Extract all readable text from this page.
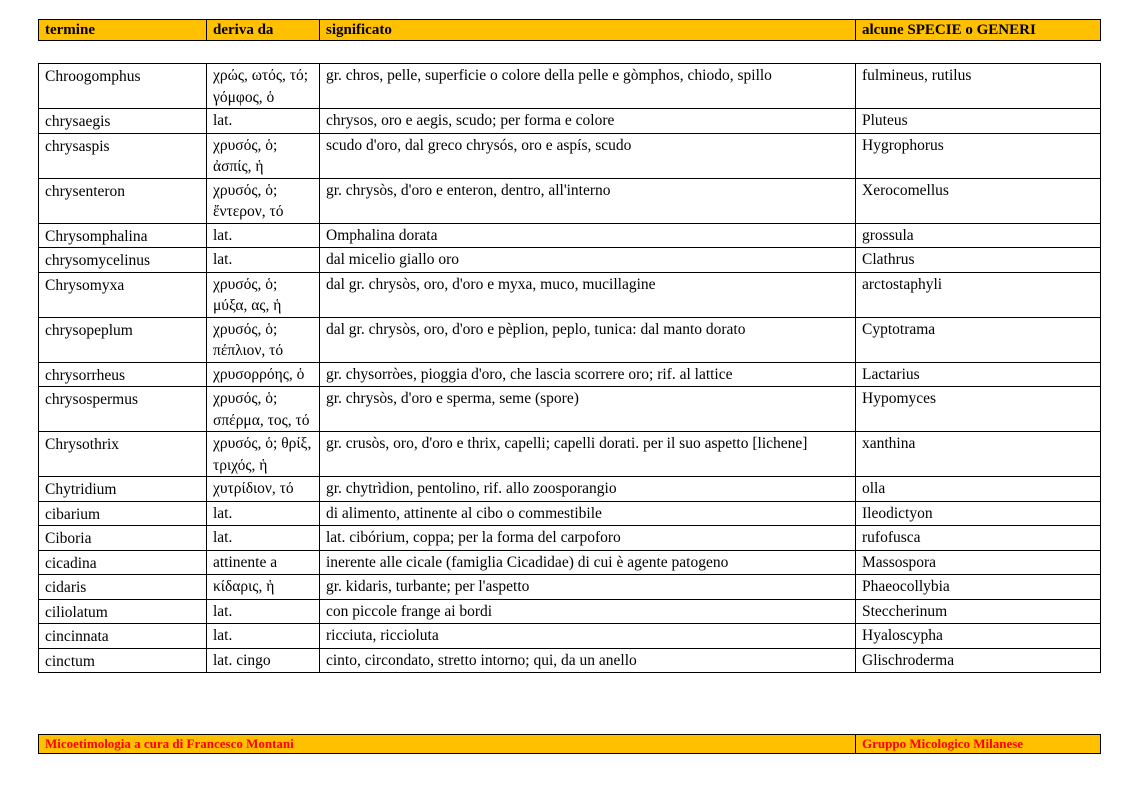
termine	deriva da	significato	alcune SPECIE o GENERI
Chroogomphus	χρώς, ωτός, τό; γόμφος, ὁ	gr. chros, pelle, superficie o colore della pelle e gòmphos, chiodo, spillo	fulmineus, rutilus
chrysaegis	lat.	chrysos, oro e aegis, scudo; per forma e colore	Pluteus
chrysaspis	χρυσός, ὁ; ἀσπίς, ἡ	scudo d'oro, dal greco chrysós, oro e aspís, scudo	Hygrophorus
chrysenteron	χρυσός, ὁ; ἔντερον, τό	gr. chrysòs, d'oro e enteron, dentro, all'interno	Xerocomellus
Chrysomphalina	lat.	Omphalina dorata	grossula
chrysomycelinus	lat.	dal micelio giallo oro	Clathrus
Chrysomyxa	χρυσός, ὁ; μύξα, ας, ἡ	dal gr. chrysòs, oro, d'oro e myxa, muco, mucillagine	arctostaphyli
chrysopeplum	χρυσός, ὁ; πέπλιον, τό	dal gr. chrysòs, oro, d'oro e pèplion, peplo, tunica: dal manto dorato	Cyptotrama
chrysorrheus	χρυσορρόης, ὁ	gr. chysorròes, pioggia d'oro, che lascia scorrere oro; rif. al lattice	Lactarius
chrysospermus	χρυσός, ὁ; σπέρμα, τος, τό	gr. chrysòs, d'oro e sperma, seme (spore)	Hypomyces
Chrysothrix	χρυσός, ὁ; θρίξ, τριχός, ἡ	gr. crusòs, oro, d'oro e thrix, capelli; capelli dorati. per il suo aspetto [lichene]	xanthina
Chytridium	χυτρίδιον, τό	gr. chytrìdion, pentolino, rif. allo zoosporangio	olla
cibarium	lat.	di alimento, attinente al cibo o commestibile	Ileodictyon
Ciboria	lat.	lat. cibórium, coppa; per la forma del carpoforo	rufofusca
cicadina	attinente a	inerente alle cicale (famiglia Cicadidae) di cui è agente patogeno	Massospora
cidaris	κίδαρις, ἡ	gr. kidaris, turbante; per l'aspetto	Phaeocollybia
ciliolatum	lat.	con piccole frange ai bordi	Steccherinum
cincinnata	lat.	ricciuta, riccioluta	Hyaloscypha
cinctum	lat. cingo	cinto, circondato, stretto intorno; qui, da un anello	Glischroderma
Micoetimologia a cura di Francesco Montani	Gruppo Micologico Milanese
